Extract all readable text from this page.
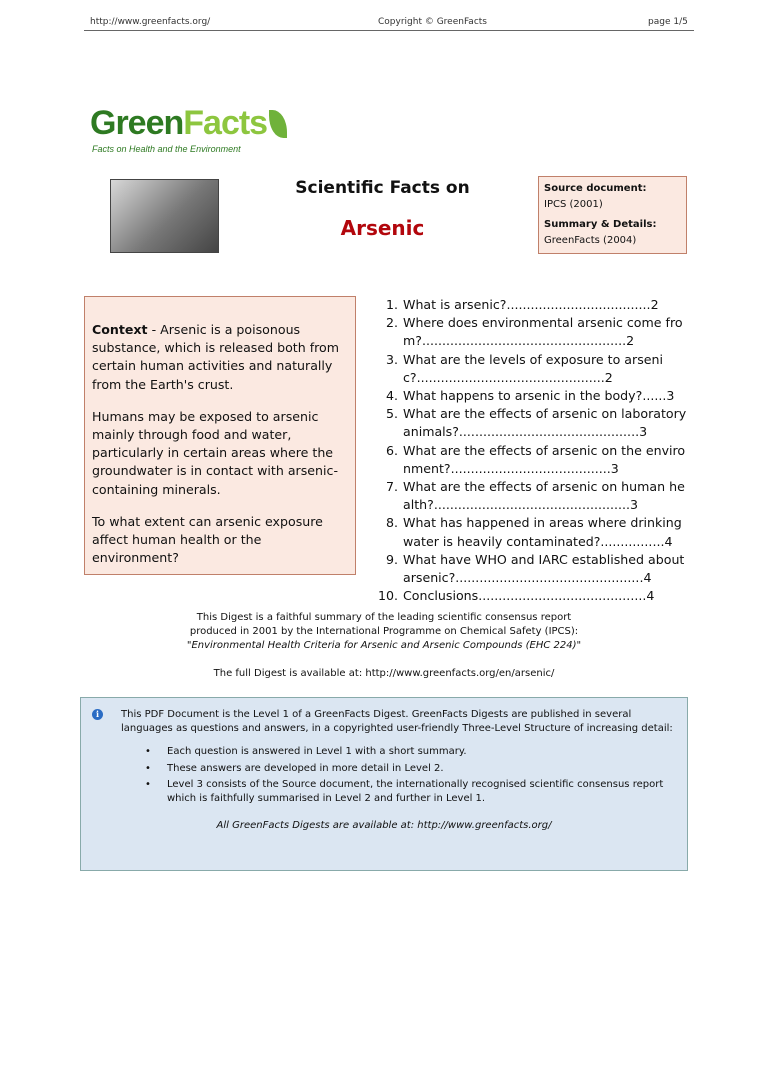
http://www.greenfacts.org/	Copyright © GreenFacts	page 1/5
GreenFacts
Facts on Health and the Environment
Scientific Facts on
Arsenic
Source document:
IPCS (2001)
Summary & Details:
GreenFacts (2004)

Context - Arsenic is a poisonous substance, which is released both from certain human activities and naturally from the Earth's crust.

Humans may be exposed to arsenic mainly through food and water, particularly in certain areas where the groundwater is in contact with arsenic-containing minerals.

To what extent can arsenic exposure affect human health or the environment?

1. What is arsenic?....................................2
2. Where does environmental arsenic come from?...................................................2
3. What are the levels of exposure to arsenic?...............................................2
4. What happens to arsenic in the body?......3
5. What are the effects of arsenic on laboratory animals?.............................................3
6. What are the effects of arsenic on the environment?........................................3
7. What are the effects of arsenic on human health?.................................................3
8. What has happened in areas where drinking water is heavily contaminated?................4
9. What have WHO and IARC established about arsenic?...............................................4
10. Conclusions..........................................4
This Digest is a faithful summary of the leading scientific consensus report
produced in 2001 by the International Programme on Chemical Safety (IPCS):
"Environmental Health Criteria for Arsenic and Arsenic Compounds (EHC 224)"
The full Digest is available at: http://www.greenfacts.org/en/arsenic/
i	This PDF Document is the Level 1 of a GreenFacts Digest. GreenFacts Digests are published in several languages as questions and answers, in a copyrighted user-friendly Three-Level Structure of increasing detail:
• Each question is answered in Level 1 with a short summary.
• These answers are developed in more detail in Level 2.
• Level 3 consists of the Source document, the internationally recognised scientific consensus report which is faithfully summarised in Level 2 and further in Level 1.
All GreenFacts Digests are available at: http://www.greenfacts.org/
